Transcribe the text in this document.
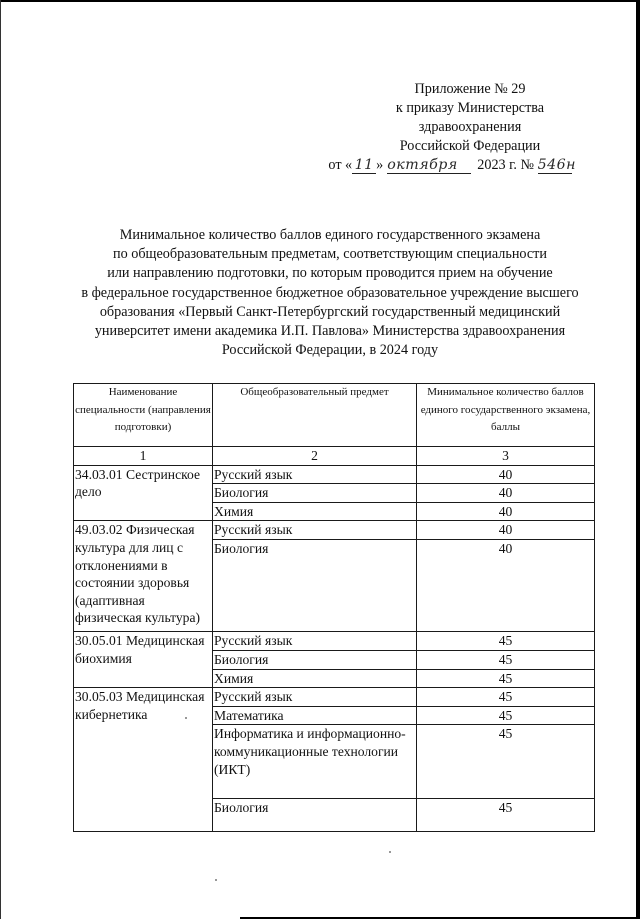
Приложение № 29
к приказу Министерства
здравоохранения
Российской Федерации
от « 11 » октября 2023 г. № 546н
Минимальное количество баллов единого государственного экзамена
по общеобразовательным предметам, соответствующим специальности
или направлению подготовки, по которым проводится прием на обучение
в федеральное государственное бюджетное образовательное учреждение высшего
образования «Первый Санкт-Петербургский государственный медицинский
университет имени академика И.П. Павлова» Министерства здравоохранения
Российской Федерации, в 2024 году
Наименование специальности (направления подготовки)	Общеобразовательный предмет	Минимальное количество баллов единого государственного экзамена, баллы
1	2	3
34.03.01 Сестринское дело	Русский язык	40
	Биология	40
	Химия	40
49.03.02 Физическая культура для лиц с отклонениями в состоянии здоровья (адаптивная физическая культура)	Русский язык	40
	Биология	40
30.05.01 Медицинская биохимия	Русский язык	45
	Биология	45
	Химия	45
30.05.03 Медицинская кибернетика	Русский язык	45
	Математика	45
	Информатика и информационно-коммуникационные технологии (ИКТ)	45
	Биология	45
